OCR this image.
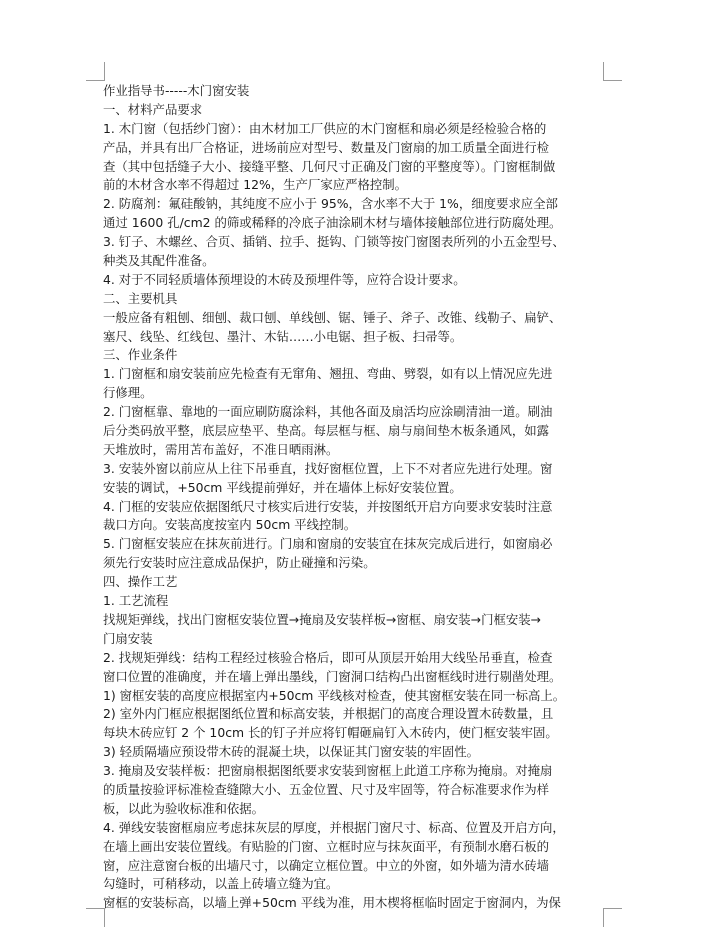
作业指导书-----木门窗安装
一、材料产品要求
1. 木门窗（包括纱门窗）：由木材加工厂供应的木门窗框和扇必须是经检验合格的
产品，并具有出厂合格证，进场前应对型号、数量及门窗扇的加工质量全面进行检
查（其中包括缝子大小、接缝平整、几何尺寸正确及门窗的平整度等）。门窗框制做
前的木材含水率不得超过 12%，生产厂家应严格控制。
2. 防腐剂：氟硅酸钠，其纯度不应小于 95%，含水率不大于 1%，细度要求应全部
通过 1600 孔/cm2 的筛或稀释的冷底子油涂刷木材与墙体接触部位进行防腐处理。
3. 钉子、木螺丝、合页、插销、拉手、挺钩、门锁等按门窗图表所列的小五金型号、
种类及其配件准备。
4. 对于不同轻质墙体预埋设的木砖及预埋件等，应符合设计要求。
二、主要机具
一般应备有粗刨、细刨、裁口刨、单线刨、锯、锤子、斧子、改锥、线勒子、扁铲、
塞尺、线坠、红线包、墨汁、木钻……小电锯、担子板、扫帚等。
三、作业条件
1. 门窗框和扇安装前应先检查有无窜角、翘扭、弯曲、劈裂，如有以上情况应先进
行修理。
2. 门窗框靠、靠地的一面应刷防腐涂料，其他各面及扇活均应涂刷清油一道。刷油
后分类码放平整，底层应垫平、垫高。每层框与框、扇与扇间垫木板条通风，如露
天堆放时，需用苫布盖好，不准日晒雨淋。
3. 安装外窗以前应从上往下吊垂直，找好窗框位置，上下不对者应先进行处理。窗
安装的调试，+50cm 平线提前弹好，并在墙体上标好安装位置。
4. 门框的安装应依据图纸尺寸核实后进行安装，并按图纸开启方向要求安装时注意
裁口方向。安装高度按室内 50cm 平线控制。
5. 门窗框安装应在抹灰前进行。门扇和窗扇的安装宜在抹灰完成后进行，如窗扇必
须先行安装时应注意成品保护，防止碰撞和污染。
四、操作工艺
1. 工艺流程
找规矩弹线，找出门窗框安装位置→掩扇及安装样板→窗框、扇安装→门框安装→
门扇安装
2. 找规矩弹线：结构工程经过核验合格后，即可从顶层开始用大线坠吊垂直，检查
窗口位置的准确度，并在墙上弹出墨线，门窗洞口结构凸出窗框线时进行剔凿处理。
1) 窗框安装的高度应根据室内+50cm 平线核对检查，使其窗框安装在同一标高上。
2) 室外内门框应根据图纸位置和标高安装，并根据门的高度合理设置木砖数量，且
每块木砖应钉 2 个 10cm 长的钉子并应将钉帽砸扁钉入木砖内，使门框安装牢固。
3) 轻质隔墙应预设带木砖的混凝土块，以保证其门窗安装的牢固性。
3. 掩扇及安装样板：把窗扇根据图纸要求安装到窗框上此道工序称为掩扇。对掩扇
的质量按验评标准检查缝隙大小、五金位置、尺寸及牢固等，符合标准要求作为样
板，以此为验收标准和依据。
4. 弹线安装窗框扇应考虑抹灰层的厚度，并根据门窗尺寸、标高、位置及开启方向，
在墙上画出安装位置线。有贴脸的门窗、立框时应与抹灰面平，有预制水磨石板的
窗，应注意窗台板的出墙尺寸，以确定立框位置。中立的外窗，如外墙为清水砖墙
勾缝时，可稍移动，以盖上砖墙立缝为宜。
窗框的安装标高，以墙上弹+50cm 平线为准，用木楔将框临时固定于窗洞内，为保
